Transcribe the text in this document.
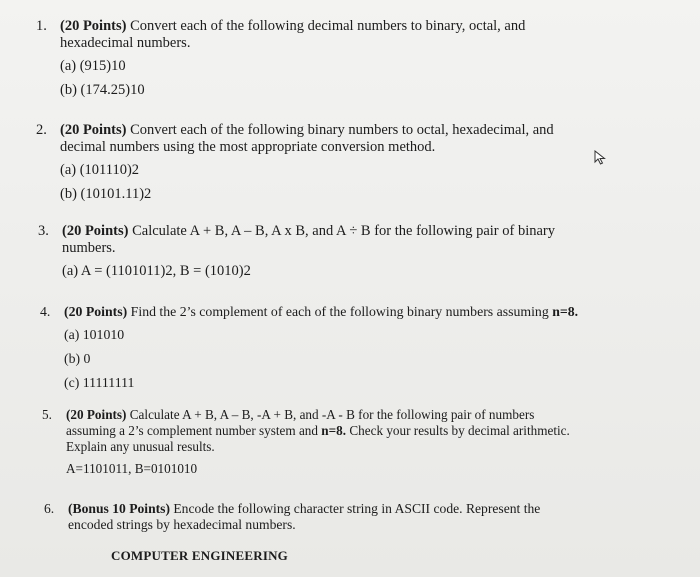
1. (20 Points) Convert each of the following decimal numbers to binary, octal, and hexadecimal numbers.
(a) (915)10
(b) (174.25)10
2. (20 Points) Convert each of the following binary numbers to octal, hexadecimal, and decimal numbers using the most appropriate conversion method.
(a) (101110)2
(b) (10101.11)2
3. (20 Points) Calculate A + B, A – B, A x B, and A ÷ B for the following pair of binary numbers.
(a) A = (1101011)2, B = (1010)2
4. (20 Points) Find the 2’s complement of each of the following binary numbers assuming n=8.
(a) 101010
(b) 0
(c) 11111111
5. (20 Points) Calculate A + B, A – B, -A + B, and -A - B for the following pair of numbers assuming a 2’s complement number system and n=8. Check your results by decimal arithmetic. Explain any unusual results.
A=1101011, B=0101010
6. (Bonus 10 Points) Encode the following character string in ASCII code. Represent the encoded strings by hexadecimal numbers.
COMPUTER ENGINEERING
